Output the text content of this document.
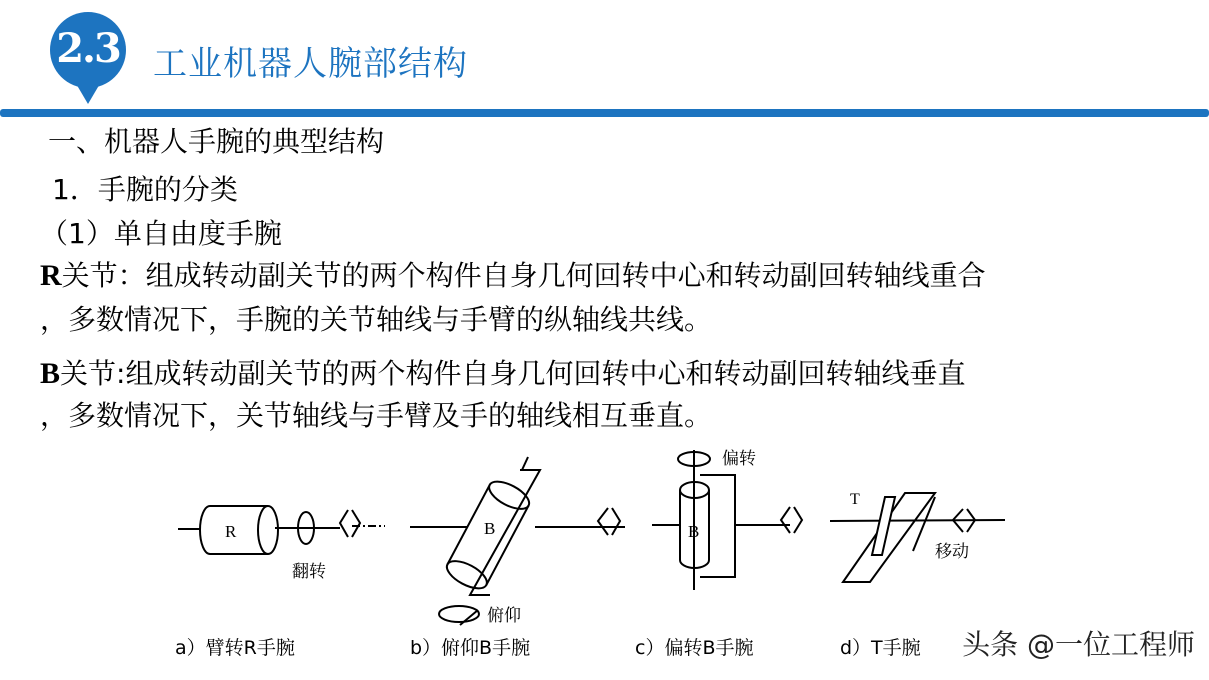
2.3 工业机器人腕部结构
一、机器人手腕的典型结构
1．手腕的分类
（1）单自由度手腕
R关节：组成转动副关节的两个构件自身几何回转中心和转动副回转轴线重合
，多数情况下，手腕的关节轴线与手臂的纵轴线共线。
B关节:组成转动副关节的两个构件自身几何回转中心和转动副回转轴线垂直
，多数情况下，关节轴线与手臂及手的轴线相互垂直。
R
翻转
B
俯仰
B
偏转
T
移动
a）臂转R手腕	b）俯仰B手腕	c）偏转B手腕	d）T手腕 头条 @一位工程师
